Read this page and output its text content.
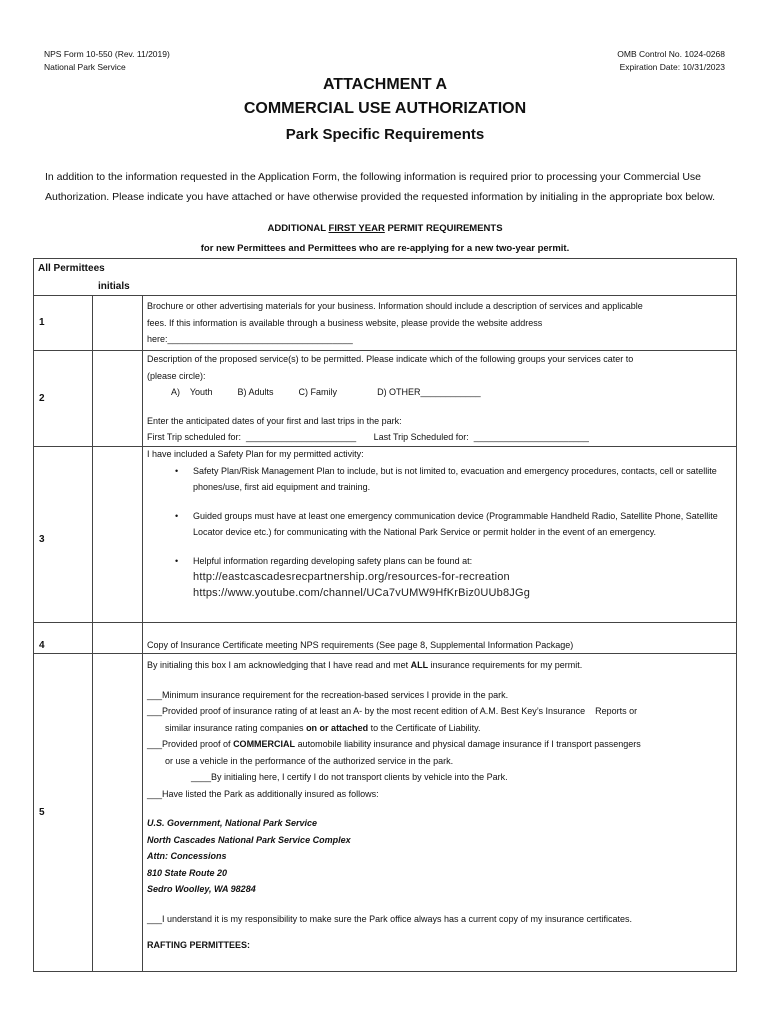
NPS Form 10-550 (Rev. 11/2019)
National Park Service
OMB Control No. 1024-0268
Expiration Date: 10/31/2023
ATTACHMENT A
COMMERCIAL USE AUTHORIZATION
Park Specific Requirements
In addition to the information requested in the Application Form, the following information is required prior to processing your Commercial Use Authorization. Please indicate you have attached or have otherwise provided the requested information by initialing in the appropriate box below.
ADDITIONAL FIRST YEAR PERMIT REQUIREMENTS
for new Permittees and Permittees who are re-applying for a new two-year permit.
All Permittees
initials
1

Brochure or other advertising materials for your business. Information should include a description of services and applicable

fees. If this information is available through a business website, please provide the website address

here:_____________________________________

2

Description of the proposed service(s) to be permitted. Please indicate which of the following groups your services cater to

(please circle):

A)    Youth          B) Adults          C) Family                D) OTHER____________

Enter the anticipated dates of your first and last trips in the park:

First Trip scheduled for:  ______________________       Last Trip Scheduled for:  _______________________

3

I have included a Safety Plan for my permitted activity:

• Safety Plan/Risk Management Plan to include, but is not limited to, evacuation and emergency procedures, contacts, cell or satellite phones/use, first aid equipment and training.

• Guided groups must have at least one emergency communication device (Programmable Handheld Radio, Satellite Phone, Satellite Locator device etc.) for communicating with the National Park Service or permit holder in the event of an emergency.

• Helpful information regarding developing safety plans can be found at:

http://eastcascadesrecpartnership.org/resources-for-recreation

https://www.youtube.com/channel/UCa7vUMW9HfKrBiz0UUb8JGg

4	Copy of Insurance Certificate meeting NPS requirements (See page 8, Supplemental Information Package)
5

By initialing this box I am acknowledging that I have read and met ALL insurance requirements for my permit.

___Minimum insurance requirement for the recreation-based services I provide in the park.

___Provided proof of insurance rating of at least an A- by the most recent edition of A.M. Best Key’s Insurance    Reports or

similar insurance rating companies on or attached to the Certificate of Liability.

___Provided proof of COMMERCIAL automobile liability insurance and physical damage insurance if I transport passengers

or use a vehicle in the performance of the authorized service in the park.

____By initialing here, I certify I do not transport clients by vehicle into the Park.

___Have listed the Park as additionally insured as follows:

U.S. Government, National Park Service

North Cascades National Park Service Complex

Attn: Concessions

810 State Route 20

Sedro Woolley, WA 98284

___I understand it is my responsibility to make sure the Park office always has a current copy of my insurance certificates.

RAFTING PERMITTEES:
